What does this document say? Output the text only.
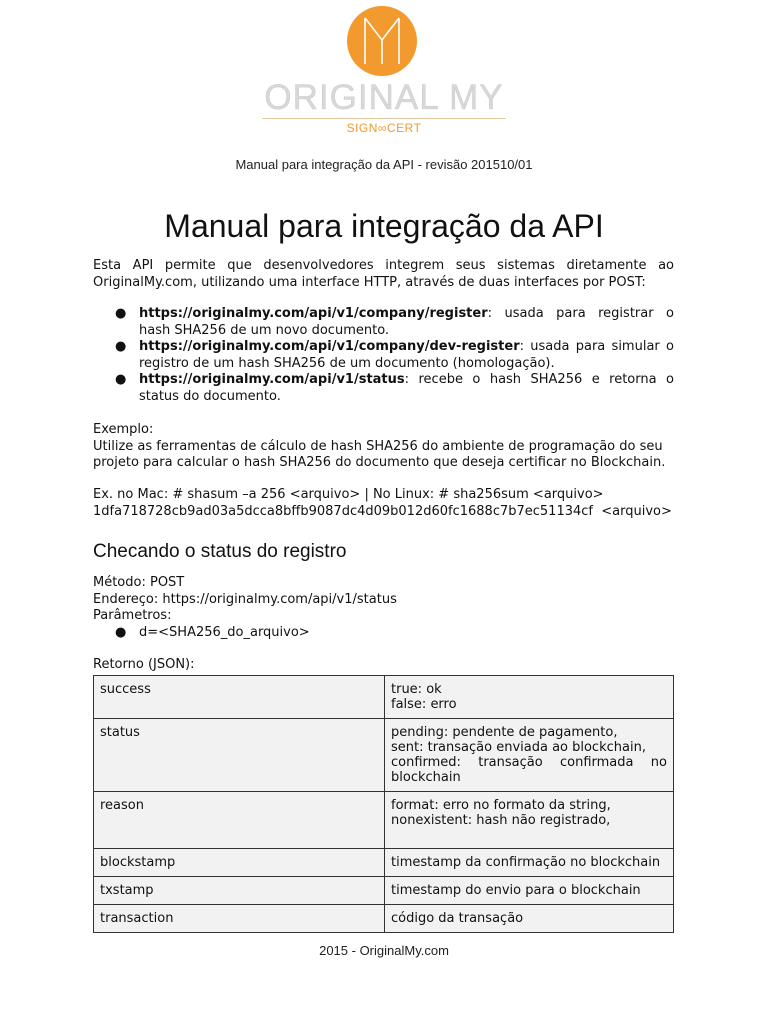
ORIGINAL MY
SIGN∞CERT
Manual para integração da API - revisão 201510/01
Manual para integração da API

Esta API permite que desenvolvedores integrem seus sistemas diretamente ao OriginalMy.com, utilizando uma interface HTTP, através de duas interfaces por POST:

● https://originalmy.com/api/v1/company/register: usada para registrar o hash SHA256 de um novo documento.
● https://originalmy.com/api/v1/company/dev-register: usada para simular o registro de um hash SHA256 de um documento (homologação).
● https://originalmy.com/api/v1/status: recebe o hash SHA256 e retorna o status do documento.
Exemplo:
Utilize as ferramentas de cálculo de hash SHA256 do ambiente de programação do seu projeto para calcular o hash SHA256 do documento que deseja certificar no Blockchain.
Ex. no Mac: # shasum –a 256 <arquivo> | No Linux: # sha256sum <arquivo>
1dfa718728cb9ad03a5dcca8bffb9087dc4d09b012d60fc1688c7b7ec51134cf  <arquivo>
Checando o status do registro
Método: POST
Endereço: https://originalmy.com/api/v1/status
Parâmetros:
● d=<SHA256_do_arquivo>
Retorno (JSON):
success	true: ok
false: erro

status	pending: pendente de pagamento,
sent: transação enviada ao blockchain,
confirmed: transação confirmada no blockchain

reason	format: erro no formato da string,
nonexistent: hash não registrado,

blockstamp	timestamp da confirmação no blockchain

txstamp	timestamp do envio para o blockchain

transaction	código da transação
2015 - OriginalMy.com
